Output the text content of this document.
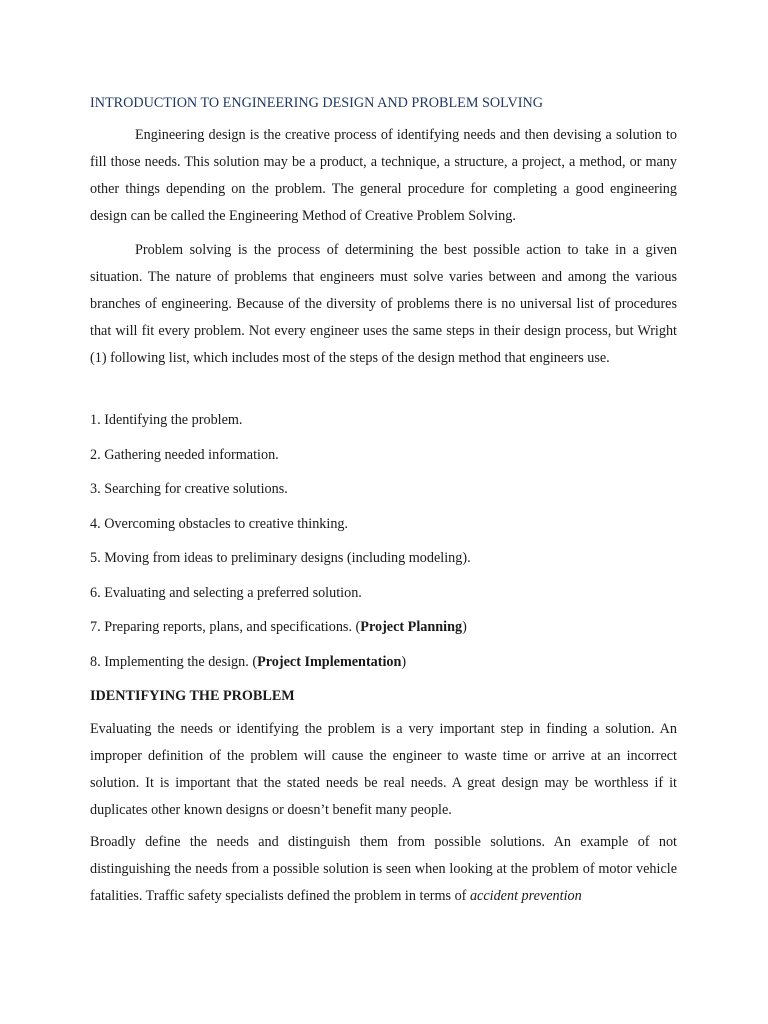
INTRODUCTION TO ENGINEERING DESIGN AND PROBLEM SOLVING

Engineering design is the creative process of identifying needs and then devising a solution to fill those needs. This solution may be a product, a technique, a structure, a project, a method, or many other things depending on the problem. The general procedure for completing a good engineering design can be called the Engineering Method of Creative Problem Solving.

Problem solving is the process of determining the best possible action to take in a given situation. The nature of problems that engineers must solve varies between and among the various branches of engineering. Because of the diversity of problems there is no universal list of procedures that will fit every problem. Not every engineer uses the same steps in their design process, but Wright (1) following list, which includes most of the steps of the design method that engineers use.

1. Identifying the problem.
2. Gathering needed information.
3. Searching for creative solutions.
4. Overcoming obstacles to creative thinking.
5. Moving from ideas to preliminary designs (including modeling).
6. Evaluating and selecting a preferred solution.
7. Preparing reports, plans, and specifications. (Project Planning)
8. Implementing the design. (Project Implementation)
IDENTIFYING THE PROBLEM

Evaluating the needs or identifying the problem is a very important step in finding a solution. An improper definition of the problem will cause the engineer to waste time or arrive at an incorrect solution. It is important that the stated needs be real needs. A great design may be worthless if it duplicates other known designs or doesn’t benefit many people.

Broadly define the needs and distinguish them from possible solutions. An example of not distinguishing the needs from a possible solution is seen when looking at the problem of motor vehicle fatalities. Traffic safety specialists defined the problem in terms of accident prevention
